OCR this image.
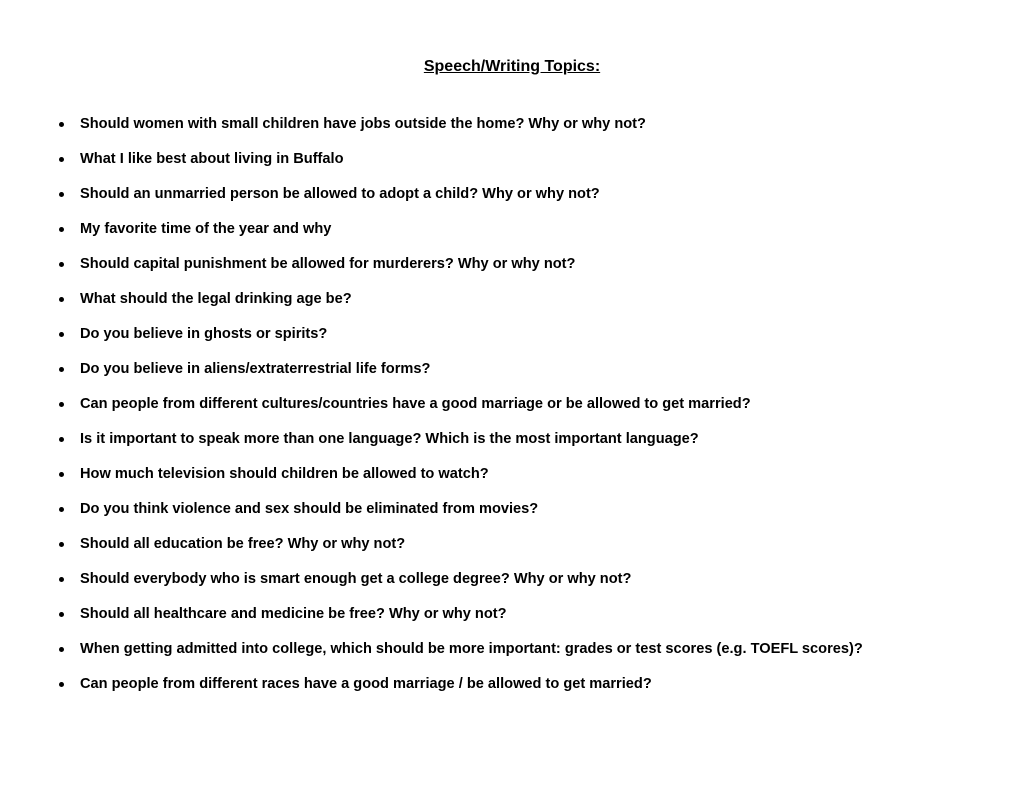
Speech/Writing Topics:
Should women with small children have jobs outside the home? Why or why not?
What I like best about living in Buffalo
Should an unmarried person be allowed to adopt a child? Why or why not?
My favorite time of the year and why
Should capital punishment be allowed for murderers? Why or why not?
What should the legal drinking age be?
Do you believe in ghosts or spirits?
Do you believe in aliens/extraterrestrial life forms?
Can people from different cultures/countries have a good marriage or be allowed to get married?
Is it important to speak more than one language? Which is the most important language?
How much television should children be allowed to watch?
Do you think violence and sex should be eliminated from movies?
Should all education be free? Why or why not?
Should everybody who is smart enough get a college degree? Why or why not?
Should all healthcare and medicine be free? Why or why not?
When getting admitted into college, which should be more important: grades or test scores (e.g. TOEFL scores)?
Can people from different races have a good marriage / be allowed to get married?
